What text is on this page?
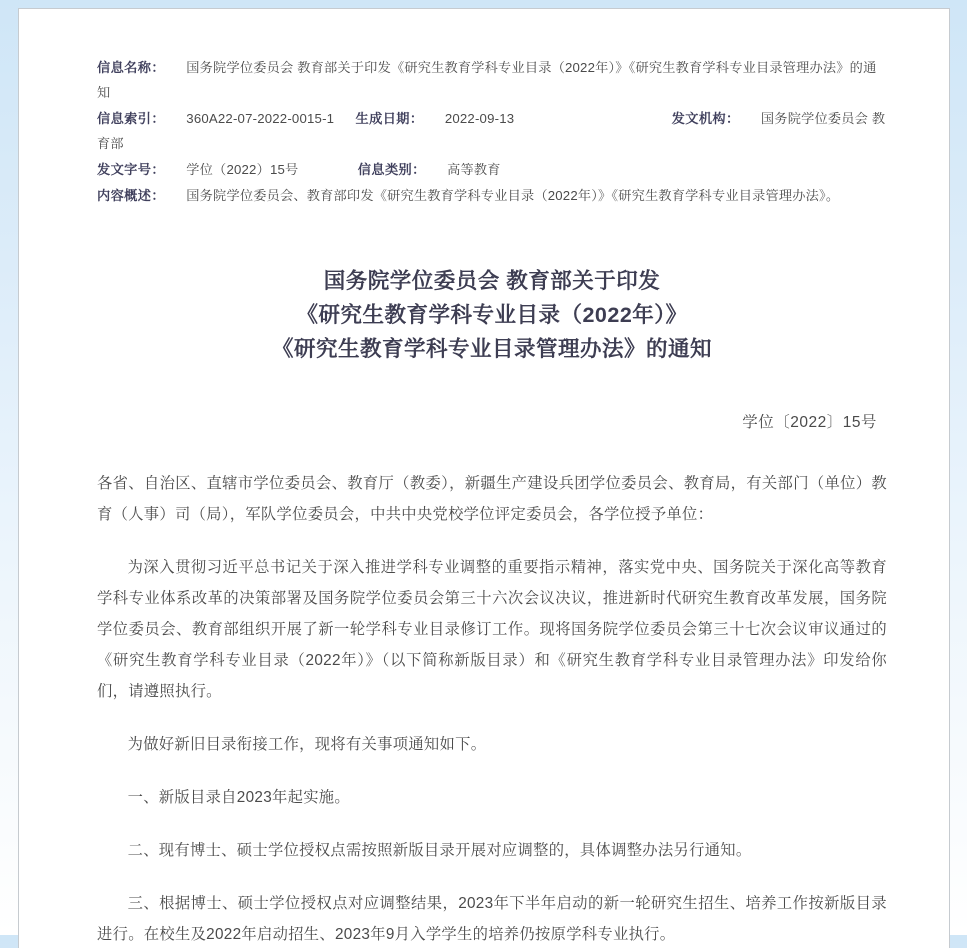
信息名称： 国务院学位委员会 教育部关于印发《研究生教育学科专业目录（2022年）》《研究生教育学科专业目录管理办法》的通知
信息索引： 360A22-07-2022-0015-1 生成日期： 2022-09-13	发文机构： 国务院学位委员会 教育部
发文字号： 学位（2022）15号	信息类别： 高等教育
内容概述： 国务院学位委员会、教育部印发《研究生教育学科专业目录（2022年）》《研究生教育学科专业目录管理办法》。
国务院学位委员会 教育部关于印发
《研究生教育学科专业目录（2022年）》
《研究生教育学科专业目录管理办法》的通知
学位〔2022〕15号

各省、自治区、直辖市学位委员会、教育厅（教委），新疆生产建设兵团学位委员会、教育局，有关部门（单位）教育（人事）司（局），军队学位委员会，中共中央党校学位评定委员会，各学位授予单位：

为深入贯彻习近平总书记关于深入推进学科专业调整的重要指示精神，落实党中央、国务院关于深化高等教育学科专业体系改革的决策部署及国务院学位委员会第三十六次会议决议，推进新时代研究生教育改革发展，国务院学位委员会、教育部组织开展了新一轮学科专业目录修订工作。现将国务院学位委员会第三十七次会议审议通过的《研究生教育学科专业目录（2022年）》（以下简称新版目录）和《研究生教育学科专业目录管理办法》印发给你们，请遵照执行。

为做好新旧目录衔接工作，现将有关事项通知如下。

一、新版目录自2023年起实施。

二、现有博士、硕士学位授权点需按照新版目录开展对应调整的，具体调整办法另行通知。

三、根据博士、硕士学位授权点对应调整结果，2023年下半年启动的新一轮研究生招生、培养工作按新版目录进行。在校生及2022年启动招生、2023年9月入学学生的培养仍按原学科专业执行。
